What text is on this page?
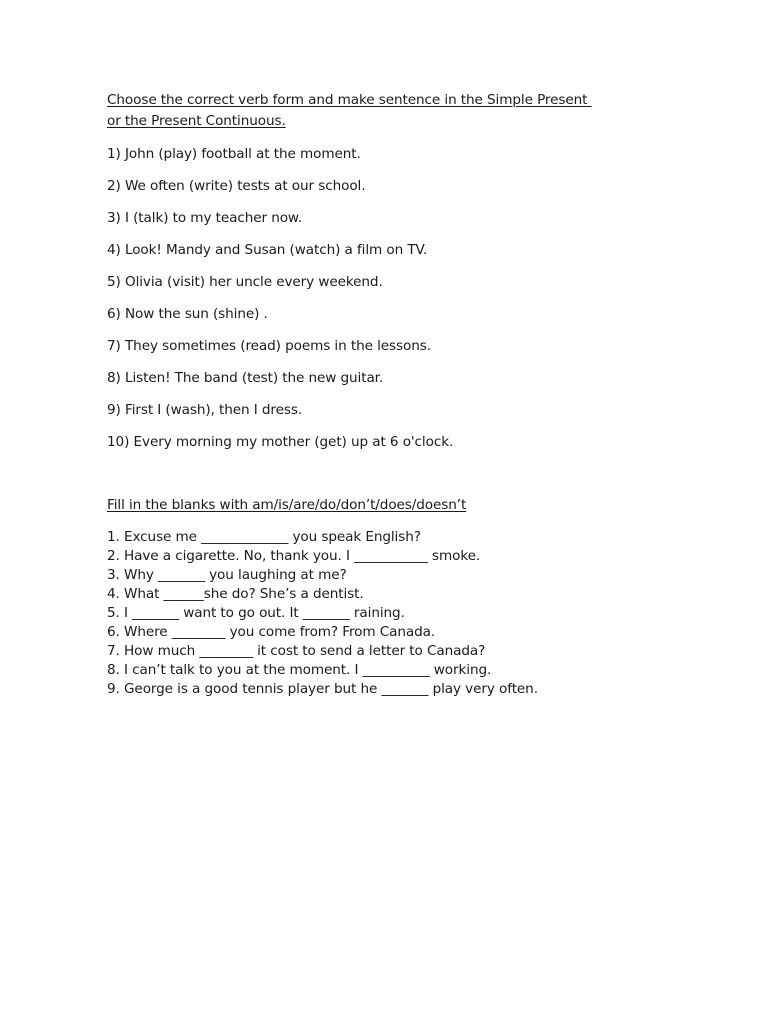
Choose the correct verb form and make sentence in the Simple Present
or the Present Continuous.
1) John (play) football at the moment.
2) We often (write) tests at our school.
3) I (talk) to my teacher now.
4) Look! Mandy and Susan (watch) a film on TV.
5) Olivia (visit) her uncle every weekend.
6) Now the sun (shine) .
7) They sometimes (read) poems in the lessons.
8) Listen! The band (test) the new guitar.
9) First I (wash), then I dress.
10) Every morning my mother (get) up at 6 o'clock.
Fill in the blanks with am/is/are/do/don’t/does/doesn’t
1. Excuse me _____________ you speak English?
2. Have a cigarette. No, thank you. I ___________ smoke.
3. Why _______ you laughing at me?
4. What ______she do? She’s a dentist.
5. I _______ want to go out. It _______ raining.
6. Where ________ you come from? From Canada.
7. How much ________ it cost to send a letter to Canada?
8. I can’t talk to you at the moment. I __________ working.
9. George is a good tennis player but he _______ play very often.
